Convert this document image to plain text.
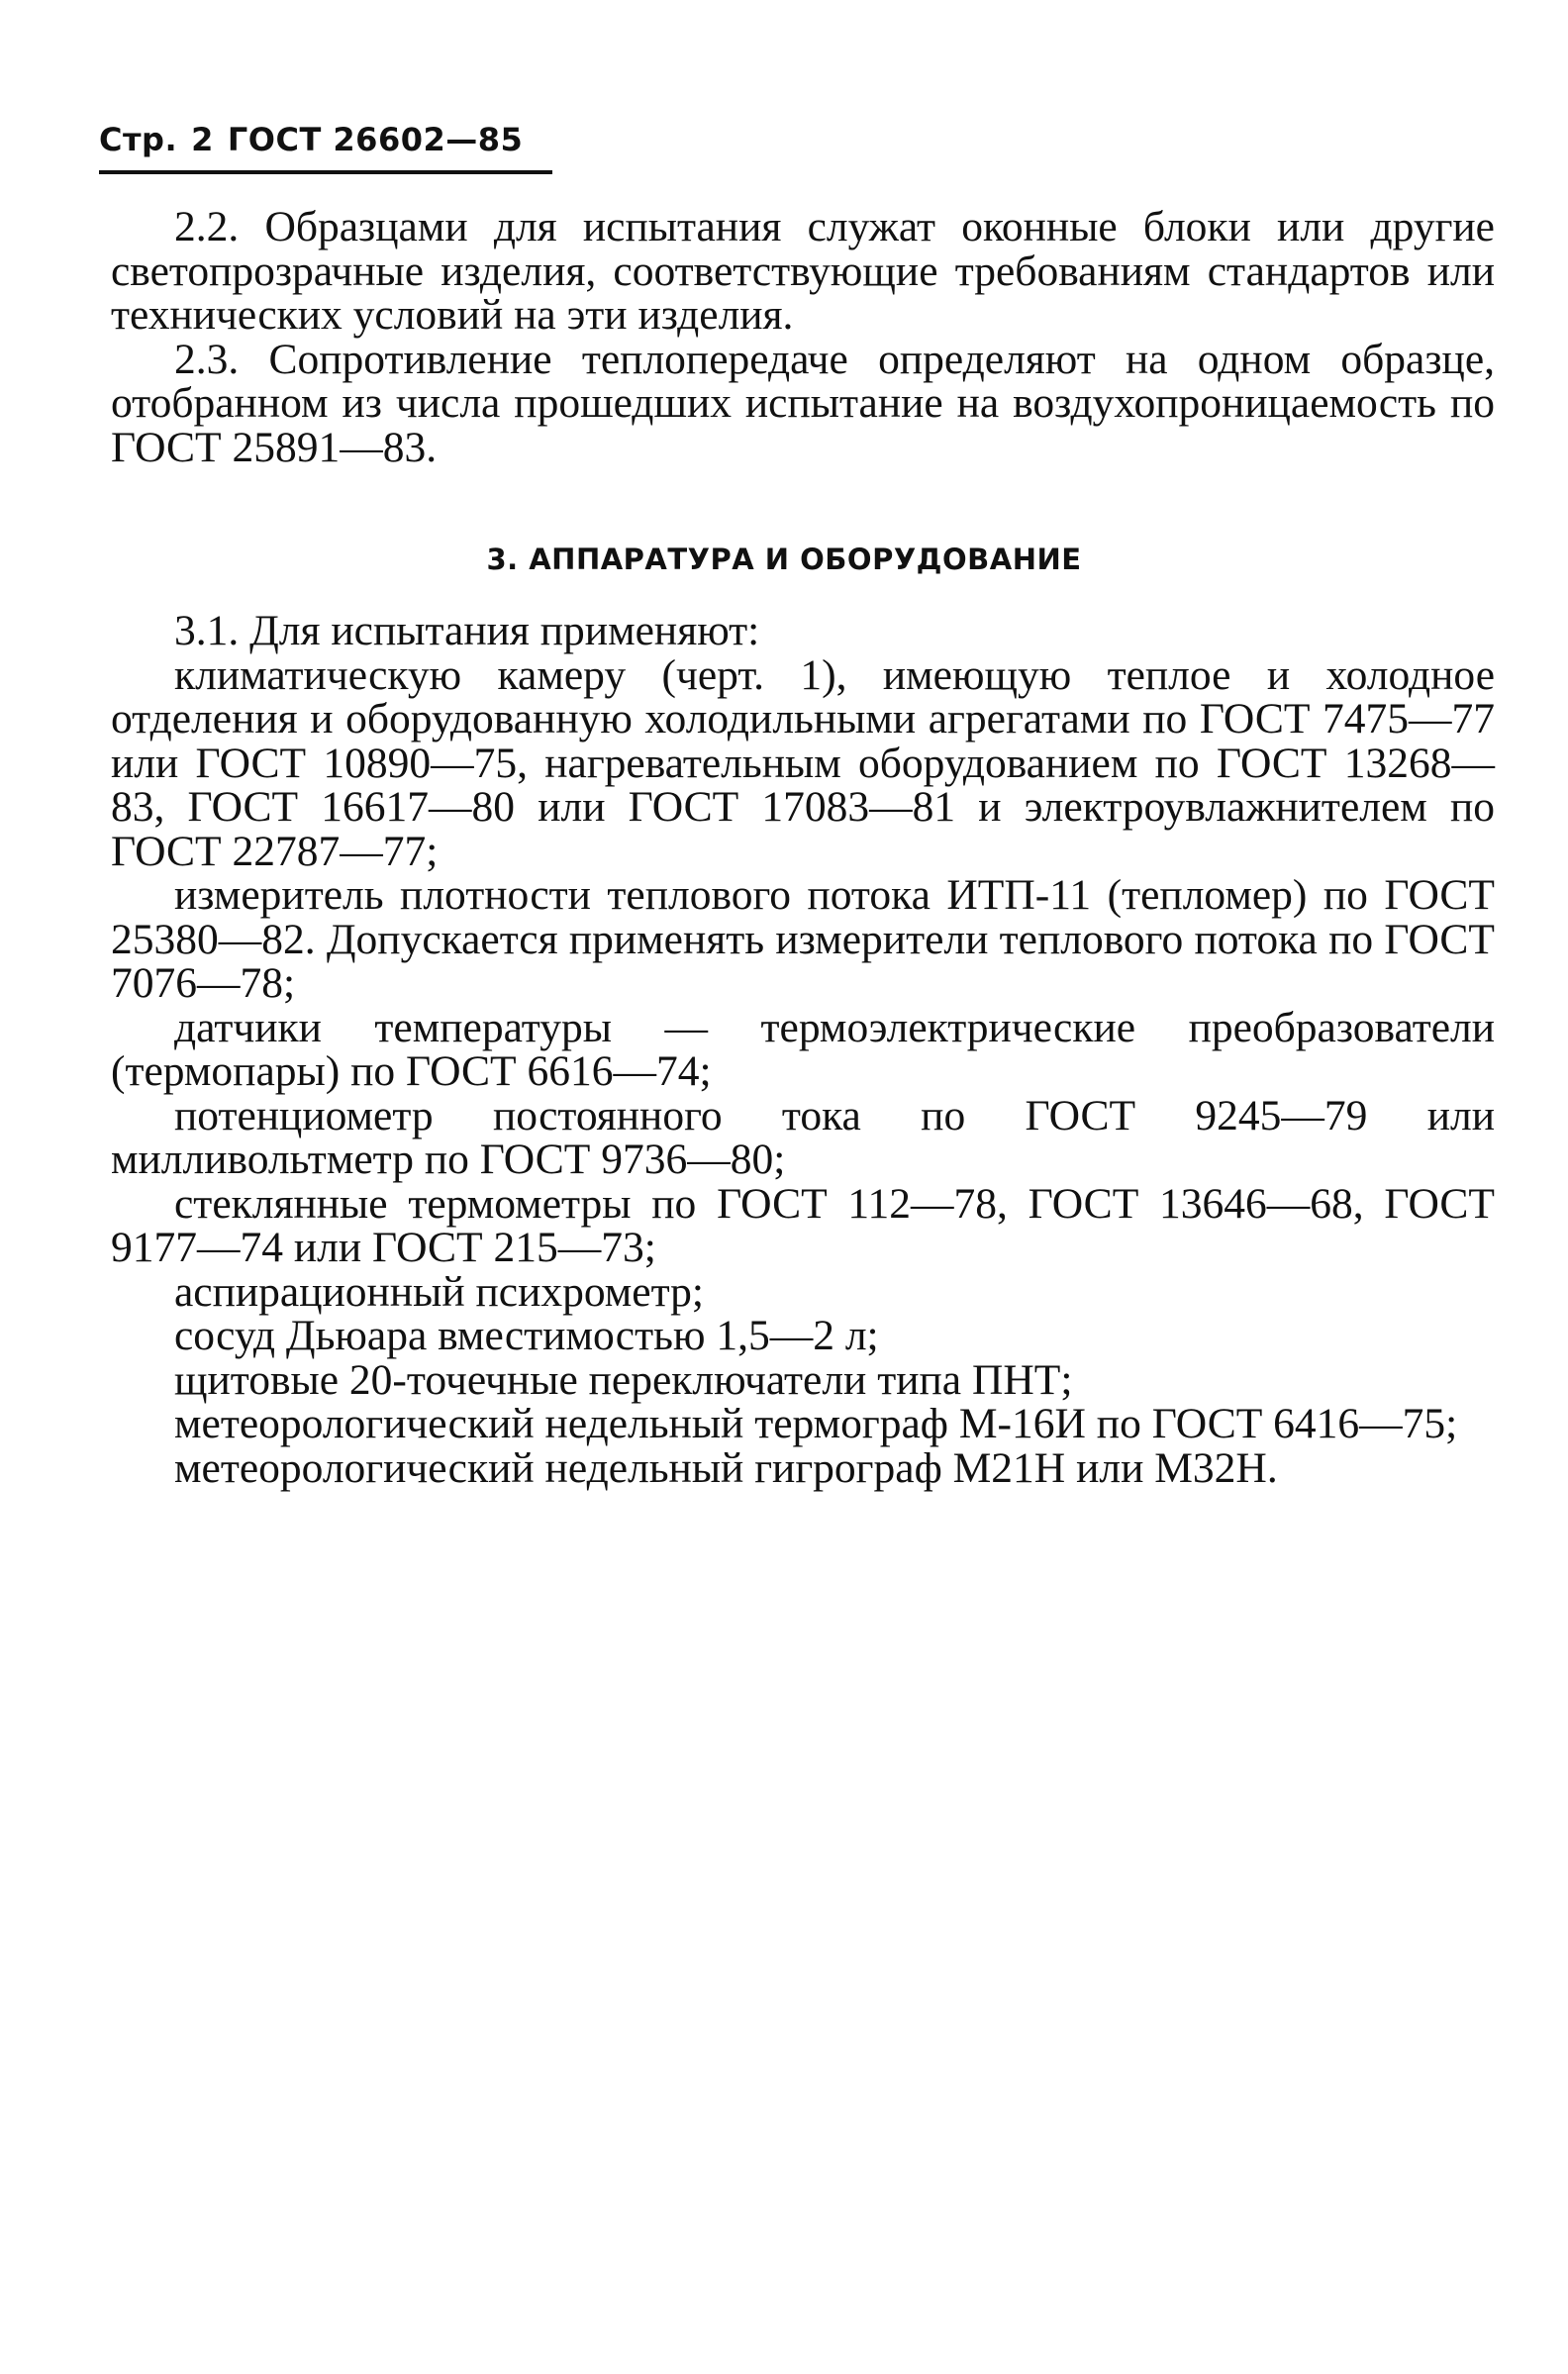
Стр. 2 ГОСТ 26602—85

2.2. Образцами для испытания служат оконные блоки или другие светопрозрачные изделия, соответствующие требованиям стандартов или технических условий на эти изделия.

2.3. Сопротивление теплопередаче определяют на одном образце, отобранном из числа прошедших испытание на воздухопроницаемость по ГОСТ 25891—83.

3. АППАРАТУРА И ОБОРУДОВАНИЕ

3.1. Для испытания применяют:

климатическую камеру (черт. 1), имеющую теплое и холодное отделения и оборудованную холодильными агрегатами по ГОСТ 7475—77 или ГОСТ 10890—75, нагревательным оборудованием по ГОСТ 13268—83, ГОСТ 16617—80 или ГОСТ 17083—81 и электроувлажнителем по ГОСТ 22787—77;

измеритель плотности теплового потока ИТП-11 (тепломер) по ГОСТ 25380—82. Допускается применять измерители теплового потока по ГОСТ 7076—78;

датчики температуры — термоэлектрические преобразователи (термопары) по ГОСТ 6616—74;

потенциометр постоянного тока по ГОСТ 9245—79 или милливольтметр по ГОСТ 9736—80;

стеклянные термометры по ГОСТ 112—78, ГОСТ 13646—68, ГОСТ 9177—74 или ГОСТ 215—73;

аспирационный психрометр;

сосуд Дьюара вместимостью 1,5—2 л;

щитовые 20-точечные переключатели типа ПНТ;

метеорологический недельный термограф М-16И по ГОСТ 6416—75;

метеорологический недельный гигрограф М21Н или М32Н.
